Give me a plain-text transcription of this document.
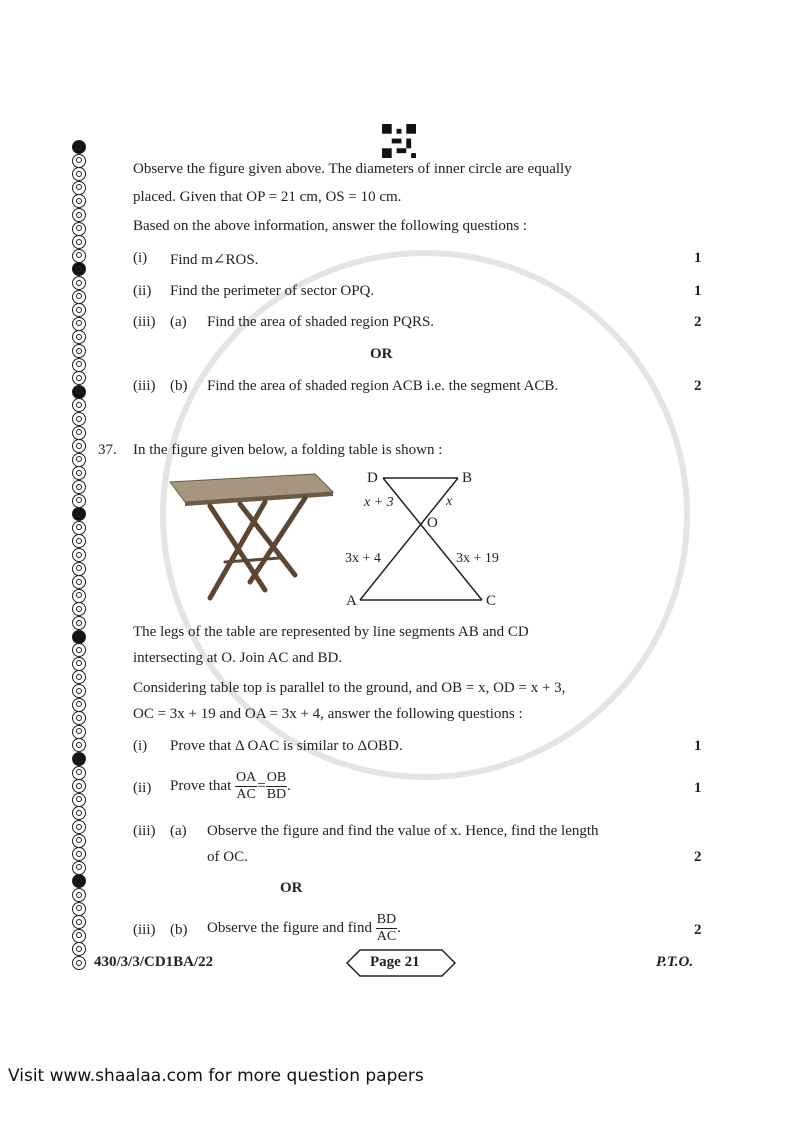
Observe the figure given above. The diameters of inner circle are equally
placed. Given that OP = 21 cm, OS = 10 cm.
Based on the above information, answer the following questions :
(i) Find m∠ROS.	1
(ii) Find the perimeter of sector OPQ.	1
(iii) (a) Find the area of shaded region PQRS.	2
OR
(iii) (b) Find the area of shaded region ACB i.e. the segment ACB.	2
37. In the figure given below, a folding table is shown :
D	B
O
A	C
x + 3	x
3x + 4	3x + 19
The legs of the table are represented by line segments AB and CD
intersecting at O. Join AC and BD.
Considering table top is parallel to the ground, and OB = x, OD = x + 3,
OC = 3x + 19 and OA = 3x + 4, answer the following questions :
(i) Prove that Δ OAC is similar to ΔOBD.	1
(ii) Prove that $\frac{OA}{AC} = \frac{OB}{BD}$ .	1
(iii) (a) Observe the figure and find the value of x. Hence, find the length
of OC.	2
OR
(iii) (b) Observe the figure and find $\frac{BD}{AC}$ .	2
430/3/3/CD1BA/22	Page 21	P.T.O.
Visit www.shaalaa.com for more question papers
